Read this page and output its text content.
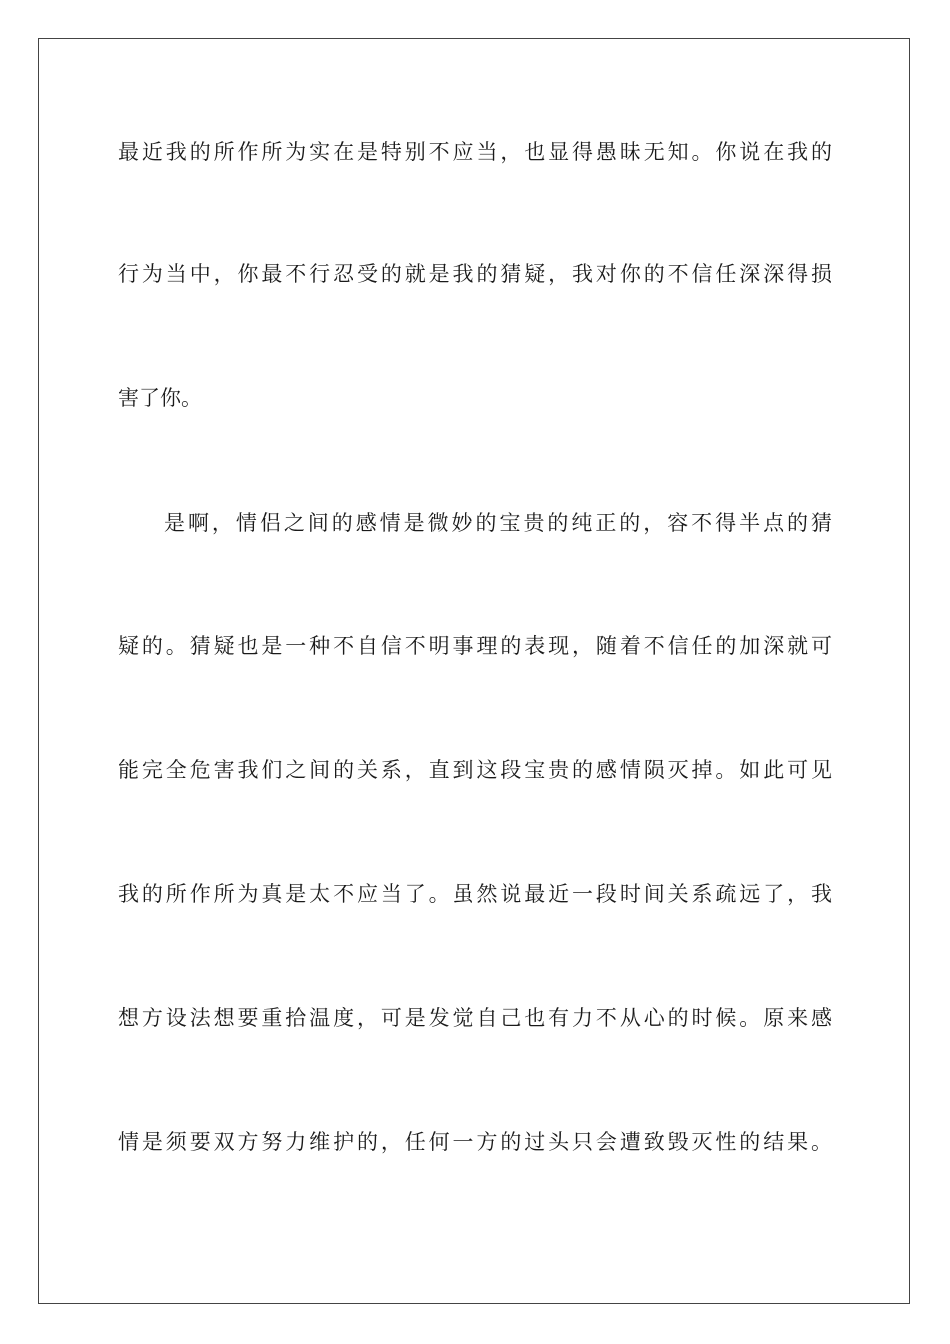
最近我的所作所为实在是特别不应当，也显得愚昧无知。你说在我的
行为当中，你最不行忍受的就是我的猜疑，我对你的不信任深深得损
害了你。
是啊，情侣之间的感情是微妙的宝贵的纯正的，容不得半点的猜
疑的。猜疑也是一种不自信不明事理的表现，随着不信任的加深就可
能完全危害我们之间的关系，直到这段宝贵的感情陨灭掉。如此可见
我的所作所为真是太不应当了。虽然说最近一段时间关系疏远了，我
想方设法想要重拾温度，可是发觉自己也有力不从心的时候。原来感
情是须要双方努力维护的，任何一方的过头只会遭致毁灭性的结果。
